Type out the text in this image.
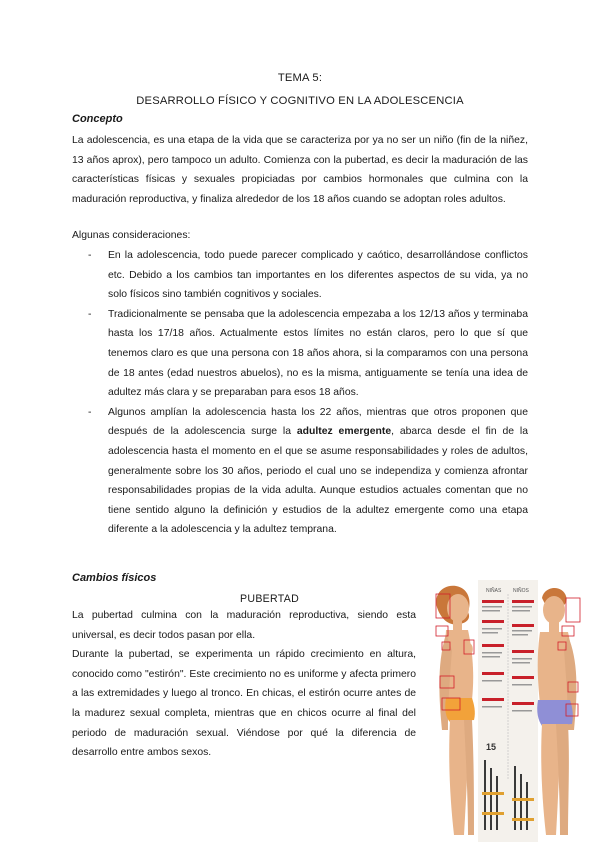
TEMA 5:
DESARROLLO FÍSICO Y COGNITIVO EN LA ADOLESCENCIA
Concepto

La adolescencia, es una etapa de la vida que se caracteriza por ya no ser un niño (fin de la niñez, 13 años aprox), pero tampoco un adulto. Comienza con la pubertad, es decir la maduración de las características físicas y sexuales propiciadas por cambios hormonales que culmina con la maduración reproductiva, y finaliza alrededor de los 18 años cuando se adoptan roles adultos.

Algunas consideraciones:
- En la adolescencia, todo puede parecer complicado y caótico, desarrollándose conflictos etc. Debido a los cambios tan importantes en los diferentes aspectos de su vida, ya no solo físicos sino también cognitivos y sociales.
- Tradicionalmente se pensaba que la adolescencia empezaba a los 12/13 años y terminaba hasta los 17/18 años. Actualmente estos límites no están claros, pero lo que sí que tenemos claro es que una persona con 18 años ahora, si la comparamos con una persona de 18 antes (edad nuestros abuelos), no es la misma, antiguamente se tenía una idea de adultez más clara y se preparaban para esos 18 años.
- Algunos amplían la adolescencia hasta los 22 años, mientras que otros proponen que después de la adolescencia surge la adultez emergente, abarca desde el fin de la adolescencia hasta el momento en el que se asume responsabilidades y roles de adultos, generalmente sobre los 30 años, periodo el cual uno se independiza y comienza afrontar responsabilidades propias de la vida adulta. Aunque estudios actuales comentan que no tiene sentido alguno la definición y estudios de la adultez emergente como una etapa diferente a la adolescencia y la adultez temprana.
Cambios físicos
PUBERTAD
La pubertad culmina con la maduración reproductiva, siendo esta universal, es decir todos pasan por ella.
Durante la pubertad, se experimenta un rápido crecimiento en altura, conocido como "estirón". Este crecimiento no es uniforme y afecta primero a las extremidades y luego al tronco. En chicas, el estirón ocurre antes de la madurez sexual completa, mientras que en chicos ocurre al final del periodo de maduración sexual. Viéndose por qué la diferencia de desarrollo entre ambos sexos.
NIÑAS NIÑOS
15
